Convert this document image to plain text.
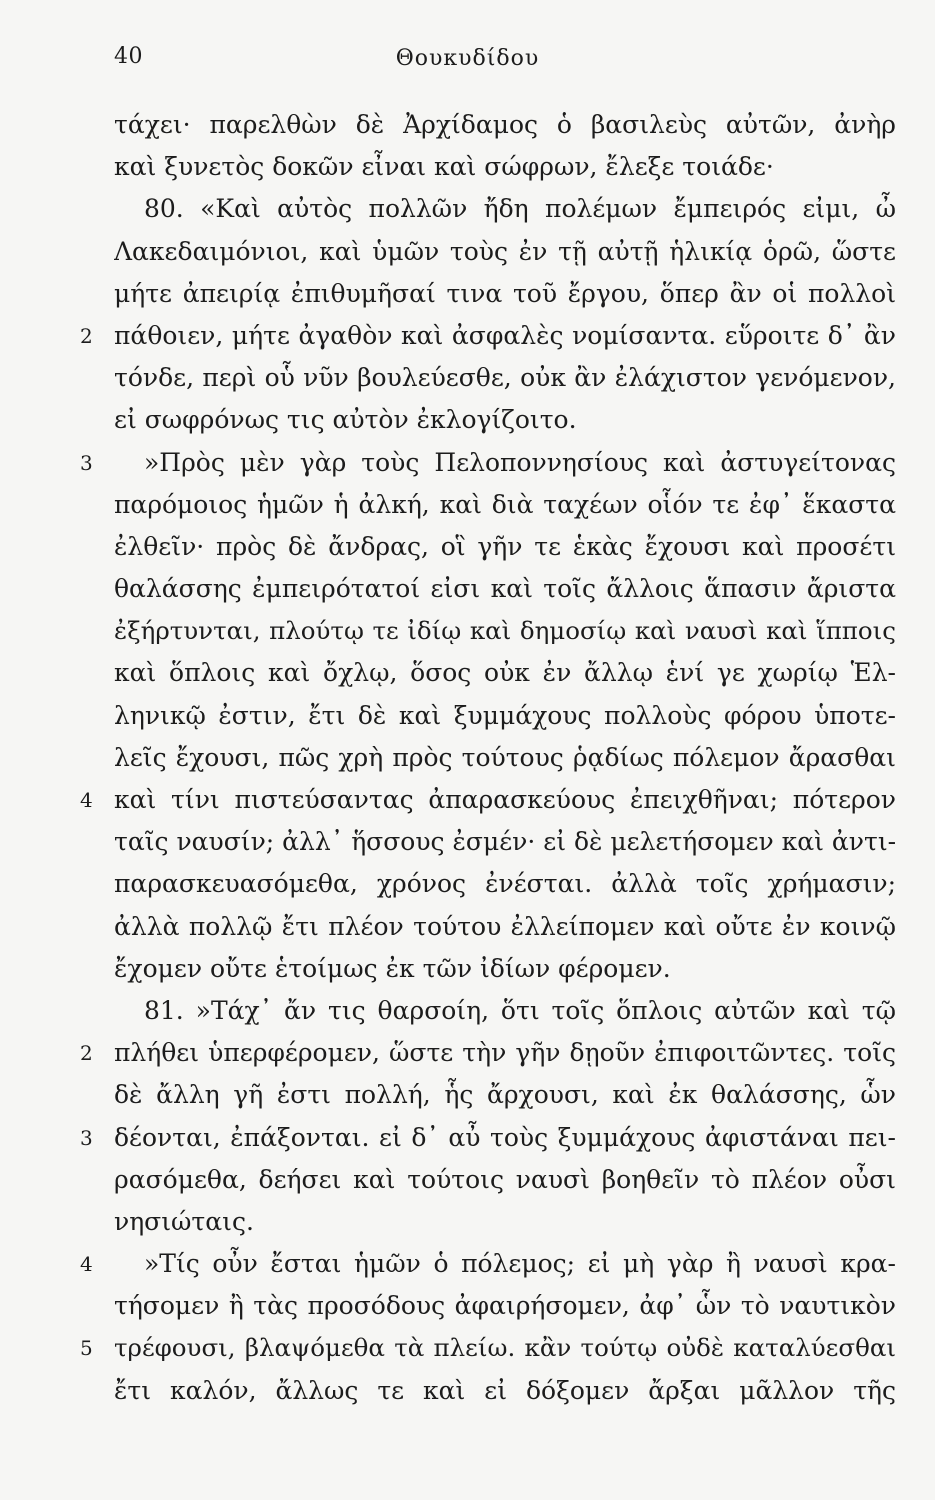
40	Θουκυδίδου
τάχει· παρελθὼν δὲ Ἀρχίδαμος ὁ βασιλεὺς αὐτῶν, ἀνὴρ
καὶ ξυνετὸς δοκῶν εἶναι καὶ σώφρων, ἔλεξε τοιάδε·
80. «Καὶ αὐτὸς πολλῶν ἤδη πολέμων ἔμπειρός εἰμι, ὦ
Λακεδαιμόνιοι, καὶ ὑμῶν τοὺς ἐν τῇ αὐτῇ ἡλικίᾳ ὁρῶ, ὥστε
μήτε ἀπειρίᾳ ἐπιθυμῆσαί τινα τοῦ ἔργου, ὅπερ ἂν οἱ πολλοὶ
2 πάθοιεν, μήτε ἀγαθὸν καὶ ἀσφαλὲς νομίσαντα. εὕροιτε δ᾽ ἂν
τόνδε, περὶ οὗ νῦν βουλεύεσθε, οὐκ ἂν ἐλάχιστον γενόμενον,
εἰ σωφρόνως τις αὐτὸν ἐκλογίζοιτο.
3 »Πρὸς μὲν γὰρ τοὺς Πελοποννησίους καὶ ἀστυγείτονας
παρόμοιος ἡμῶν ἡ ἀλκή, καὶ διὰ ταχέων οἷόν τε ἐφ᾽ ἕκαστα
ἐλθεῖν· πρὸς δὲ ἄνδρας, οἳ γῆν τε ἑκὰς ἔχουσι καὶ προσέτι
θαλάσσης ἐμπειρότατοί εἰσι καὶ τοῖς ἄλλοις ἅπασιν ἄριστα
ἐξήρτυνται, πλούτῳ τε ἰδίῳ καὶ δημοσίῳ καὶ ναυσὶ καὶ ἵπποις
καὶ ὅπλοις καὶ ὄχλῳ, ὅσος οὐκ ἐν ἄλλῳ ἑνί γε χωρίῳ Ἑλ-
ληνικῷ ἐστιν, ἔτι δὲ καὶ ξυμμάχους πολλοὺς φόρου ὑποτε-
λεῖς ἔχουσι, πῶς χρὴ πρὸς τούτους ῥᾳδίως πόλεμον ἄρασθαι
4 καὶ τίνι πιστεύσαντας ἀπαρασκεύους ἐπειχθῆναι; πότερον
ταῖς ναυσίν; ἀλλ᾽ ἥσσους ἐσμέν· εἰ δὲ μελετήσομεν καὶ ἀντι-
παρασκευασόμεθα, χρόνος ἐνέσται. ἀλλὰ τοῖς χρήμασιν;
ἀλλὰ πολλῷ ἔτι πλέον τούτου ἐλλείπομεν καὶ οὔτε ἐν κοινῷ
ἔχομεν οὔτε ἑτοίμως ἐκ τῶν ἰδίων φέρομεν.
81. »Τάχ᾽ ἄν τις θαρσοίη, ὅτι τοῖς ὅπλοις αὐτῶν καὶ τῷ
2 πλήθει ὑπερφέρομεν, ὥστε τὴν γῆν δῃοῦν ἐπιφοιτῶντες. τοῖς
δὲ ἄλλη γῆ ἐστι πολλή, ἧς ἄρχουσι, καὶ ἐκ θαλάσσης, ὧν
3 δέονται, ἐπάξονται. εἰ δ᾽ αὖ τοὺς ξυμμάχους ἀφιστάναι πει-
ρασόμεθα, δεήσει καὶ τούτοις ναυσὶ βοηθεῖν τὸ πλέον οὖσι
νησιώταις.
4 »Τίς οὖν ἔσται ἡμῶν ὁ πόλεμος; εἰ μὴ γὰρ ἢ ναυσὶ κρα-
τήσομεν ἢ τὰς προσόδους ἀφαιρήσομεν, ἀφ᾽ ὧν τὸ ναυτικὸν
5 τρέφουσι, βλαψόμεθα τὰ πλείω. κἂν τούτῳ οὐδὲ καταλύεσθαι
ἔτι καλόν, ἄλλως τε καὶ εἰ δόξομεν ἄρξαι μᾶλλον τῆς
